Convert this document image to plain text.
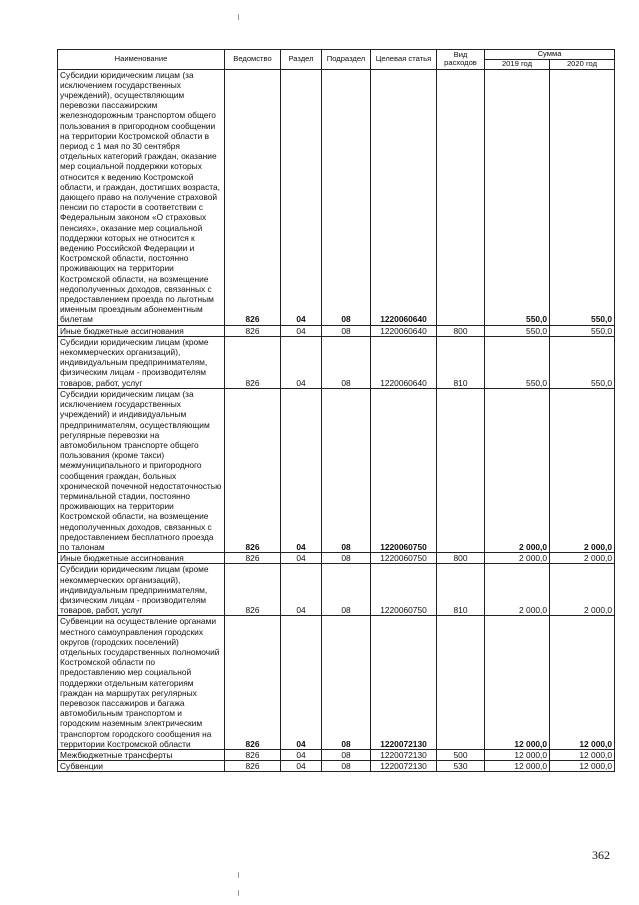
Наименование	Ведомство	Раздел	Подраздел	Целевая статья	Вид расходов	Сумма	
						2019 год	2020 год
Субсидии юридическим лицам (за исключением государственных учреждений), осуществляющим перевозки пассажирским железнодорожным транспортом общего пользования в пригородном сообщении на территории Костромской области в период с 1 мая по 30 сентября отдельных категорий граждан, оказание мер социальной поддержки которых относится к ведению Костромской области, и граждан, достигших возраста, дающего право на получение страховой пенсии по старости в соответствии с Федеральным законом «О страховых пенсиях», оказание мер социальной поддержки которых не относится к ведению Российской Федерации и Костромской области, постоянно проживающих на территории Костромской области, на возмещение недополученных доходов, связанных с предоставлением проезда по льготным именным проездным абонементным билетам	826	04	08	1220060640		550,0	550,0
Иные бюджетные ассигнования	826	04	08	1220060640	800	550,0	550,0
Субсидии юридическим лицам (кроме некоммерческих организаций), индивидуальным предпринимателям, физическим лицам - производителям товаров, работ, услуг	826	04	08	1220060640	810	550,0	550,0
Субсидии юридическим лицам (за исключением государственных учреждений) и индивидуальным предпринимателям, осуществляющим регулярные перевозки на автомобильном транспорте общего пользования (кроме такси) межмуниципального и пригородного сообщения граждан, больных хронической почечной недостаточностью терминальной стадии, постоянно проживающих на территории Костромской области, на возмещение недополученных доходов, связанных с предоставлением бесплатного проезда по талонам	826	04	08	1220060750		2 000,0	2 000,0
Иные бюджетные ассигнования	826	04	08	1220060750	800	2 000,0	2 000,0
Субсидии юридическим лицам (кроме некоммерческих организаций), индивидуальным предпринимателям, физическим лицам - производителям товаров, работ, услуг	826	04	08	1220060750	810	2 000,0	2 000,0
Субвенции на осуществление органами местного самоуправления городских округов (городских поселений) отдельных государственных полномочий Костромской области по предоставлению мер социальной поддержки отдельным категориям граждан на маршрутах регулярных перевозок пассажиров и багажа автомобильным транспортом и городским наземным электрическим транспортом городского сообщения на территории Костромской области	826	04	08	1220072130		12 000,0	12 000,0
Межбюджетные трансферты	826	04	08	1220072130	500	12 000,0	12 000,0
Субвенции	826	04	08	1220072130	530	12 000,0	12 000,0
362
